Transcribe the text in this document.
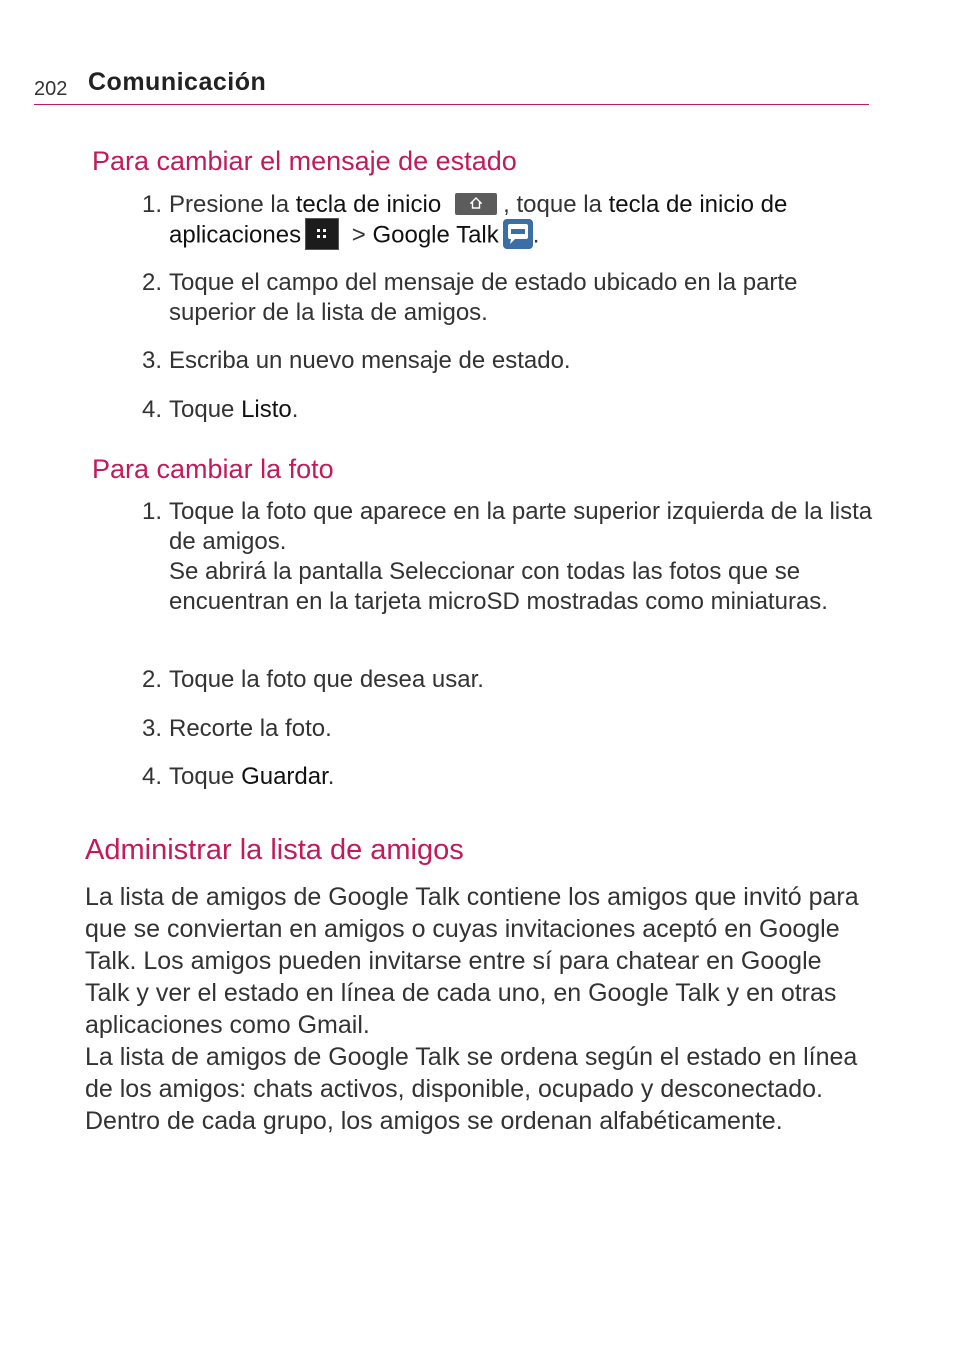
202 Comunicación
Para cambiar el mensaje de estado
1. Presione la tecla de inicio	, toque la tecla de inicio de aplicaciones
> Google Talk .
2. Toque el campo del mensaje de estado ubicado en la parte superior de la lista de amigos.
3. Escriba un nuevo mensaje de estado.
4. Toque Listo.
Para cambiar la foto
1. Toque la foto que aparece en la parte superior izquierda de la lista de amigos.
Se abrirá la pantalla Seleccionar con todas las fotos que se encuentran en la tarjeta microSD mostradas como miniaturas.
2. Toque la foto que desea usar.
3. Recorte la foto.
4. Toque Guardar.
Administrar la lista de amigos
La lista de amigos de Google Talk contiene los amigos que invitó para que se conviertan en amigos o cuyas invitaciones aceptó en Google Talk. Los amigos pueden invitarse entre sí para chatear en Google Talk y ver el estado en línea de cada uno, en Google Talk y en otras aplicaciones como Gmail.
La lista de amigos de Google Talk se ordena según el estado en línea de los amigos: chats activos, disponible, ocupado y desconectado. Dentro de cada grupo, los amigos se ordenan alfabéticamente.
